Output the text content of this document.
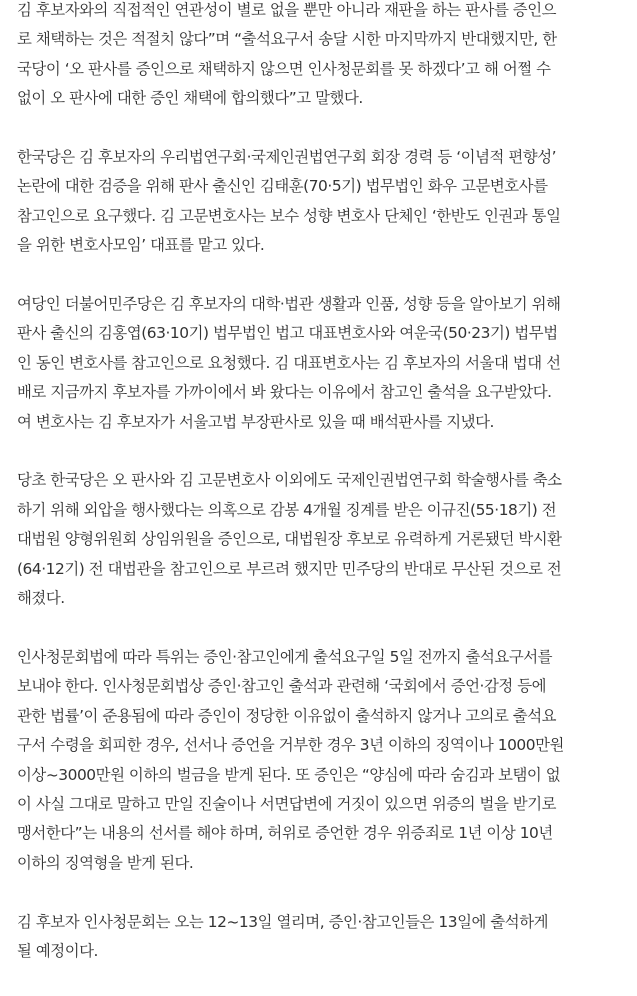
김 후보자와의 직접적인 연관성이 별로 없을 뿐만 아니라 재판을 하는 판사를 증인으
로 채택하는 것은 적절치 않다”며 “출석요구서 송달 시한 마지막까지 반대했지만, 한
국당이 ‘오 판사를 증인으로 채택하지 않으면 인사청문회를 못 하겠다’고 해 어쩔 수
없이 오 판사에 대한 증인 채택에 합의했다”고 말했다.

한국당은 김 후보자의 우리법연구회·국제인권법연구회 회장 경력 등 ‘이념적 편향성’
논란에 대한 검증을 위해 판사 출신인 김태훈(70·5기) 법무법인 화우 고문변호사를
참고인으로 요구했다. 김 고문변호사는 보수 성향 변호사 단체인 ‘한반도 인권과 통일
을 위한 변호사모임’ 대표를 맡고 있다.

여당인 더불어민주당은 김 후보자의 대학·법관 생활과 인품, 성향 등을 알아보기 위해
판사 출신의 김홍엽(63·10기) 법무법인 법고 대표변호사와 여운국(50·23기) 법무법
인 동인 변호사를 참고인으로 요청했다. 김 대표변호사는 김 후보자의 서울대 법대 선
배로 지금까지 후보자를 가까이에서 봐 왔다는 이유에서 참고인 출석을 요구받았다.
여 변호사는 김 후보자가 서울고법 부장판사로 있을 때 배석판사를 지냈다.

당초 한국당은 오 판사와 김 고문변호사 이외에도 국제인권법연구회 학술행사를 축소
하기 위해 외압을 행사했다는 의혹으로 감봉 4개월 징계를 받은 이규진(55·18기) 전
대법원 양형위원회 상임위원을 증인으로, 대법원장 후보로 유력하게 거론됐던 박시환
(64·12기) 전 대법관을 참고인으로 부르려 했지만 민주당의 반대로 무산된 것으로 전
해졌다.

인사청문회법에 따라 특위는 증인·참고인에게 출석요구일 5일 전까지 출석요구서를
보내야 한다. 인사청문회법상 증인·참고인 출석과 관련해 ‘국회에서 증언·감정 등에
관한 법률’이 준용됨에 따라 증인이 정당한 이유없이 출석하지 않거나 고의로 출석요
구서 수령을 회피한 경우, 선서나 증언을 거부한 경우 3년 이하의 징역이나 1000만원
이상~3000만원 이하의 벌금을 받게 된다. 또 증인은 “양심에 따라 숨김과 보탬이 없
이 사실 그대로 말하고 만일 진술이나 서면답변에 거짓이 있으면 위증의 벌을 받기로
맹서한다”는 내용의 선서를 해야 하며, 허위로 증언한 경우 위증죄로 1년 이상 10년
이하의 징역형을 받게 된다.

김 후보자 인사청문회는 오는 12~13일 열리며, 증인·참고인들은 13일에 출석하게
될 예정이다.
